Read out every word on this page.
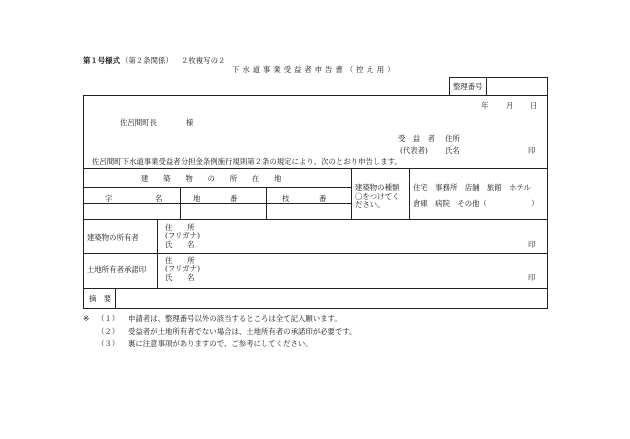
第１号様式 （第２条関係） ２枚複写の２
下 水 道 事 業 受 益 者 申 告 書 （ 控 え 用 ）
整理番号
年 月 日
佐呂間町長	様
受　益　者 住所
(代表者) 氏名	印
佐呂間町下水道事業受益者分担金条例施行規則第２条の規定により、次のとおり申告します。
建　　築　　物　　の　　所　　在　　地
字	名	地　　　　番	枝　　　　番
建築物の種類
〇をつけてく
ださい。
住宅　事務所　店舗　旅館　ホテル
倉庫　病院　その他（　　　　　　）
建築物の所有者
住　　所
(フリガナ)
氏　　名	印
土地所有者承諾印
住　　所
(フリガナ)
氏　　名	印
摘　要
※ （１） 申請者は、整理番号以外の該当するところは全て記入願います。
（２） 受益者が土地所有者でない場合は、土地所有者の承諾印が必要です。
（３） 裏に注意事項がありますので、ご参考にしてください。
